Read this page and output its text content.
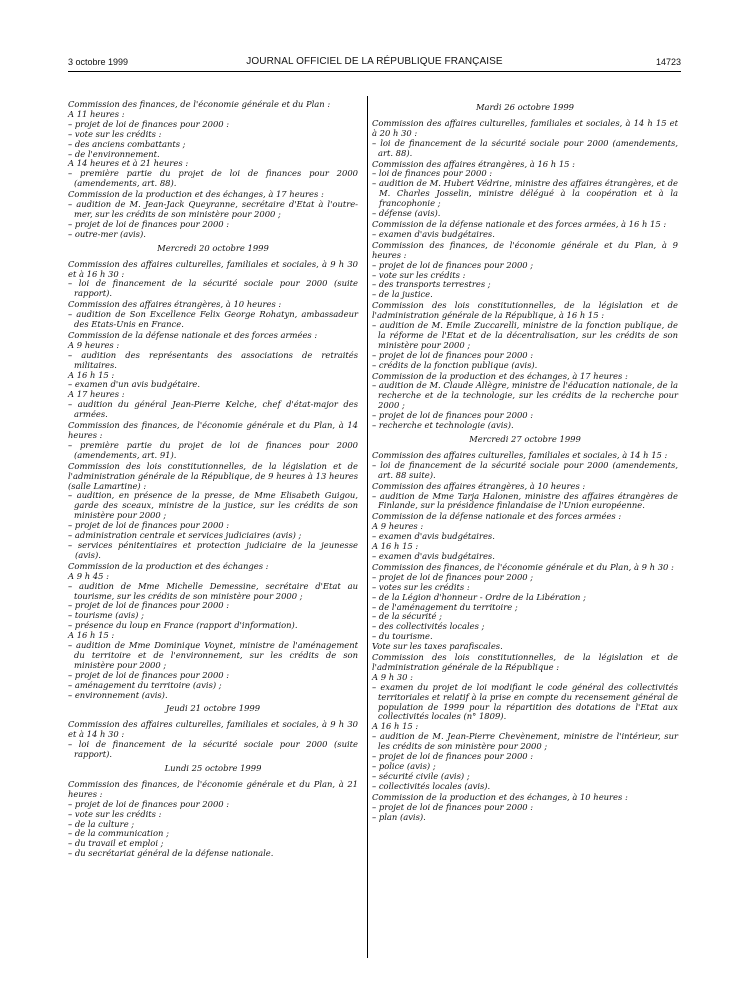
3 octobre 1999	JOURNAL OFFICIEL DE LA RÉPUBLIQUE FRANÇAISE	14723

Commission des finances, de l'économie générale et du Plan :

A 11 heures :

– projet de loi de finances pour 2000 :

– vote sur les crédits :

– des anciens combattants ;

– de l'environnement.

A 14 heures et à 21 heures :

– première partie du projet de loi de finances pour 2000 (amendements, art. 88).

Commission de la production et des échanges, à 17 heures :

– audition de M. Jean-Jack Queyranne, secrétaire d'Etat à l'outre-mer, sur les crédits de son ministère pour 2000 ;

– projet de loi de finances pour 2000 :

– outre-mer (avis).

Mercredi 20 octobre 1999

Commission des affaires culturelles, familiales et sociales, à 9 h 30 et à 16 h 30 :

– loi de financement de la sécurité sociale pour 2000 (suite rapport).

Commission des affaires étrangères, à 10 heures :

– audition de Son Excellence Felix George Rohatyn, ambassadeur des Etats-Unis en France.

Commission de la défense nationale et des forces armées :

A 9 heures :

– audition des représentants des associations de retraités militaires.

A 16 h 15 :

– examen d'un avis budgétaire.

A 17 heures :

– audition du général Jean-Pierre Kelche, chef d'état-major des armées.

Commission des finances, de l'économie générale et du Plan, à 14 heures :

– première partie du projet de loi de finances pour 2000 (amendements, art. 91).

Commission des lois constitutionnelles, de la législation et de l'administration générale de la République, de 9 heures à 13 heures (salle Lamartine) :

– audition, en présence de la presse, de Mme Elisabeth Guigou, garde des sceaux, ministre de la justice, sur les crédits de son ministère pour 2000 ;

– projet de loi de finances pour 2000 :

– administration centrale et services judiciaires (avis) ;

– services pénitentiaires et protection judiciaire de la jeunesse (avis).

Commission de la production et des échanges :

A 9 h 45 :

– audition de Mme Michelle Demessine, secrétaire d'Etat au tourisme, sur les crédits de son ministère pour 2000 ;

– projet de loi de finances pour 2000 :

– tourisme (avis) ;

– présence du loup en France (rapport d'information).

A 16 h 15 :

– audition de Mme Dominique Voynet, ministre de l'aménagement du territoire et de l'environnement, sur les crédits de son ministère pour 2000 ;

– projet de loi de finances pour 2000 :

– aménagement du territoire (avis) ;

– environnement (avis).

Jeudi 21 octobre 1999

Commission des affaires culturelles, familiales et sociales, à 9 h 30 et à 14 h 30 :

– loi de financement de la sécurité sociale pour 2000 (suite rapport).

Lundi 25 octobre 1999

Commission des finances, de l'économie générale et du Plan, à 21 heures :

– projet de loi de finances pour 2000 :

– vote sur les crédits :

– de la culture ;

– de la communication ;

– du travail et emploi ;

– du secrétariat général de la défense nationale.

Mardi 26 octobre 1999

Commission des affaires culturelles, familiales et sociales, à 14 h 15 et à 20 h 30 :

– loi de financement de la sécurité sociale pour 2000 (amendements, art. 88).

Commission des affaires étrangères, à 16 h 15 :

– loi de finances pour 2000 :

– audition de M. Hubert Védrine, ministre des affaires étrangères, et de M. Charles Josselin, ministre délégué à la coopération et à la francophonie ;

– défense (avis).

Commission de la défense nationale et des forces armées, à 16 h 15 :

– examen d'avis budgétaires.

Commission des finances, de l'économie générale et du Plan, à 9 heures :

– projet de loi de finances pour 2000 ;

– vote sur les crédits :

– des transports terrestres ;

– de la justice.

Commission des lois constitutionnelles, de la législation et de l'administration générale de la République, à 16 h 15 :

– audition de M. Emile Zuccarelli, ministre de la fonction publique, de la réforme de l'Etat et de la décentralisation, sur les crédits de son ministère pour 2000 ;

– projet de loi de finances pour 2000 :

– crédits de la fonction publique (avis).

Commission de la production et des échanges, à 17 heures :

– audition de M. Claude Allègre, ministre de l'éducation nationale, de la recherche et de la technologie, sur les crédits de la recherche pour 2000 ;

– projet de loi de finances pour 2000 :

– recherche et technologie (avis).

Mercredi 27 octobre 1999

Commission des affaires culturelles, familiales et sociales, à 14 h 15 :

– loi de financement de la sécurité sociale pour 2000 (amendements, art. 88 suite).

Commission des affaires étrangères, à 10 heures :

– audition de Mme Tarja Halonen, ministre des affaires étrangères de Finlande, sur la présidence finlandaise de l'Union européenne.

Commission de la défense nationale et des forces armées :

A 9 heures :

– examen d'avis budgétaires.

A 16 h 15 :

– examen d'avis budgétaires.

Commission des finances, de l'économie générale et du Plan, à 9 h 30 :

– projet de loi de finances pour 2000 ;

– votes sur les crédits :

– de la Légion d'honneur - Ordre de la Libération ;

– de l'aménagement du territoire ;

– de la sécurité ;

– des collectivités locales ;

– du tourisme.

Vote sur les taxes parafiscales.

Commission des lois constitutionnelles, de la législation et de l'administration générale de la République :

A 9 h 30 :

– examen du projet de loi modifiant le code général des collectivités territoriales et relatif à la prise en compte du recensement général de population de 1999 pour la répartition des dotations de l'Etat aux collectivités locales (n° 1809).

A 16 h 15 :

– audition de M. Jean-Pierre Chevènement, ministre de l'intérieur, sur les crédits de son ministère pour 2000 ;

– projet de loi de finances pour 2000 :

– police (avis) ;

– sécurité civile (avis) ;

– collectivités locales (avis).

Commission de la production et des échanges, à 10 heures :

– projet de loi de finances pour 2000 :

– plan (avis).
